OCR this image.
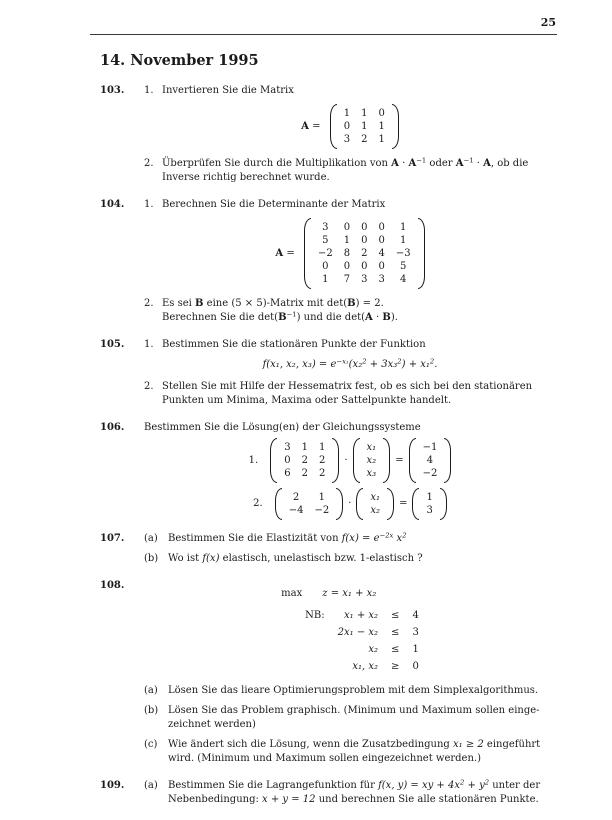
25
14. November 1995
103.	1. Invertieren Sie die Matrix
A =
1 1 0
0 1 1
3 2 1
2. Überprüfen Sie durch die Multiplikation von $A \cdot A^{-1}$ oder $A^{-1} \cdot A$, ob die
Inverse richtig berechnet wurde.
104.	1. Berechnen Sie die Determinante der Matrix
A =
3 0 0 0 1
5 1 0 0 1
−2 8 2 4 −3
0 0 0 0 5
1 7 3 3 4
2. Es sei B eine (5 × 5)-Matrix mit det(B) = 2.
Berechnen Sie die $\det(B^{-1})$ und die det(A · B).
105.	1. Bestimmen Sie die stationären Punkte der Funktion
f(x₁, x₂, $x_3) = e^{-x_1}(x_2^2 + 3x_3^2) + x_1^2$.
2. Stellen Sie mit Hilfe der Hessematrix fest, ob es sich bei den stationären
Punkten um Minima, Maxima oder Sattelpunkte handelt.
106.	Bestimmen Sie die Lösung(en) der Gleichungssysteme
1.
3 1 1
0 2 2
6 2 2
·
x₁
x₂
x₃
=
−1
4
−2
2.
2 1
−4 −2
·
x₁
x₂
=
1
3
107.	(a)	Bestimmen Sie die Elastizität von $f(x) = e^{-2x}$ $x^2$
(b) Wo ist f(x) elastisch, unelastisch bzw. 1-elastisch ?
108.
max z = x₁ + x₂
NB:	x₁ + x₂ ≤ 4
2x₁ − x₂ ≤ 3
x₂ ≤ 1
x₁, x₂ ≥ 0
(a)	Lösen Sie das lieare Optimierungsproblem mit dem Simplexalgorithmus.
(b) Lösen Sie das Problem graphisch. (Minimum und Maximum sollen einge-
zeichnet werden)
(c)	Wie ändert sich die Lösung, wenn die Zusatzbedingung x₁ ≥ 2 eingeführt
wird. (Minimum und Maximum sollen eingezeichnet werden.)
109.	(a)	Bestimmen Sie die Lagrangefunktion für f(x, y) = xy + $4x^2 + y^2$ unter der
Nebenbedingung: x + y = 12 und berechnen Sie alle stationären Punkte.
